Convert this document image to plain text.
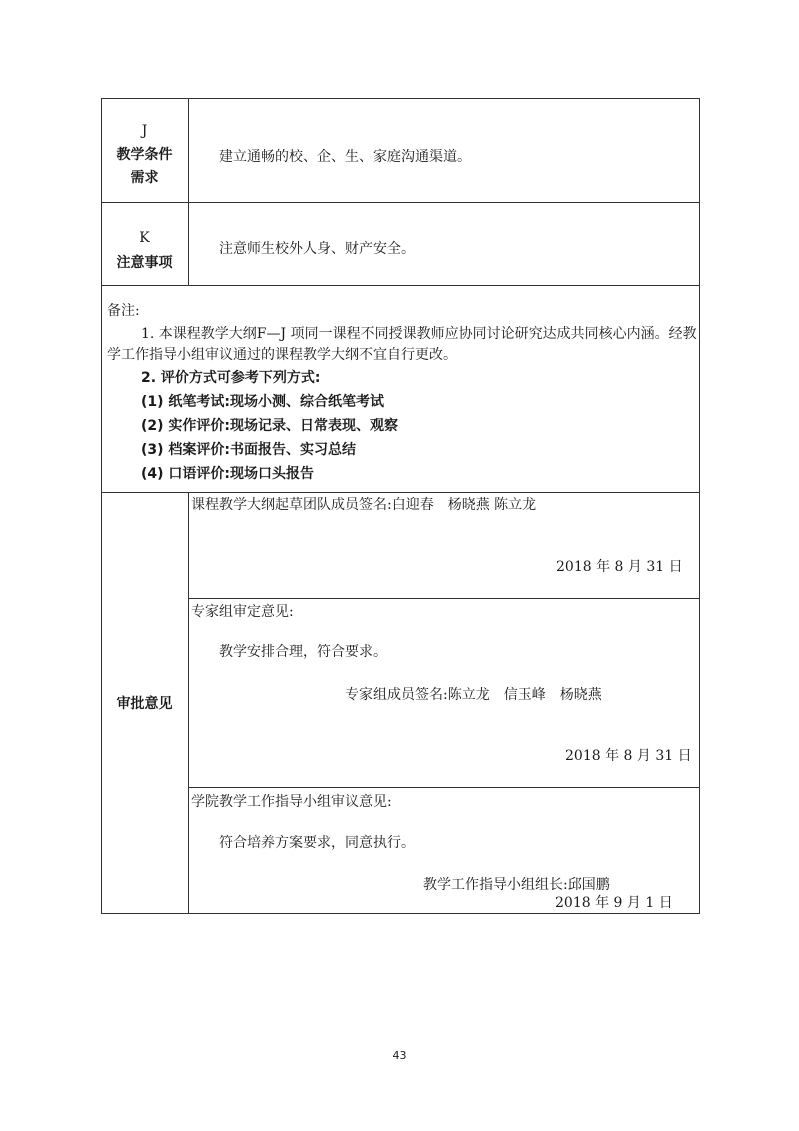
J
教学条件
需求
建立通畅的校、企、生、家庭沟通渠道。
K
注意事项
注意师生校外人身、财产安全。
备注:
1. 本课程教学大纲F—J 项同一课程不同授课教师应协同讨论研究达成共同核心内涵。经教
学工作指导小组审议通过的课程教学大纲不宜自行更改。
2. 评价方式可参考下列方式:
(1) 纸笔考试:现场小测、综合纸笔考试
(2) 实作评价:现场记录、日常表现、观察
(3) 档案评价:书面报告、实习总结
(4) 口语评价:现场口头报告
审批意见
课程教学大纲起草团队成员签名:白迎春　杨晓燕 陈立龙
2018 年 8 月 31 日
专家组审定意见:
教学安排合理，符合要求。
专家组成员签名:陈立龙　信玉峰　杨晓燕
2018 年 8 月 31 日
学院教学工作指导小组审议意见:
符合培养方案要求，同意执行。
教学工作指导小组组长:邱国鹏
2018 年 9 月 1 日
43
